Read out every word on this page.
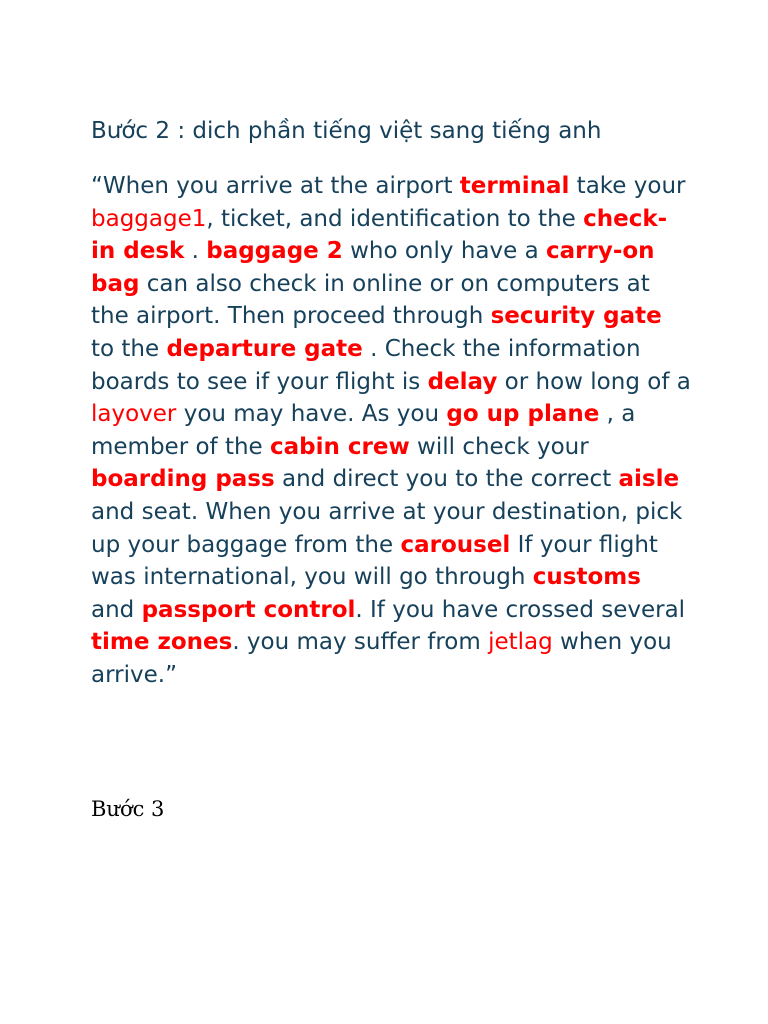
Bước 2 : dich phần tiếng việt sang tiếng anh
“When you arrive at the airport terminal take your baggage1, ticket, and identification to the check-in desk . baggage 2 who only have a carry-on bag can also check in online or on computers at the airport. Then proceed through security gate to the departure gate . Check the information boards to see if your flight is delay or how long of a layover you may have. As you go up plane , a member of the cabin crew will check your boarding pass and direct you to the correct aisle and seat. When you arrive at your destination, pick up your baggage from the carousel If your flight was international, you will go through customs and passport control. If you have crossed several time zones. you may suffer from jetlag when you arrive.”
Bước 3
